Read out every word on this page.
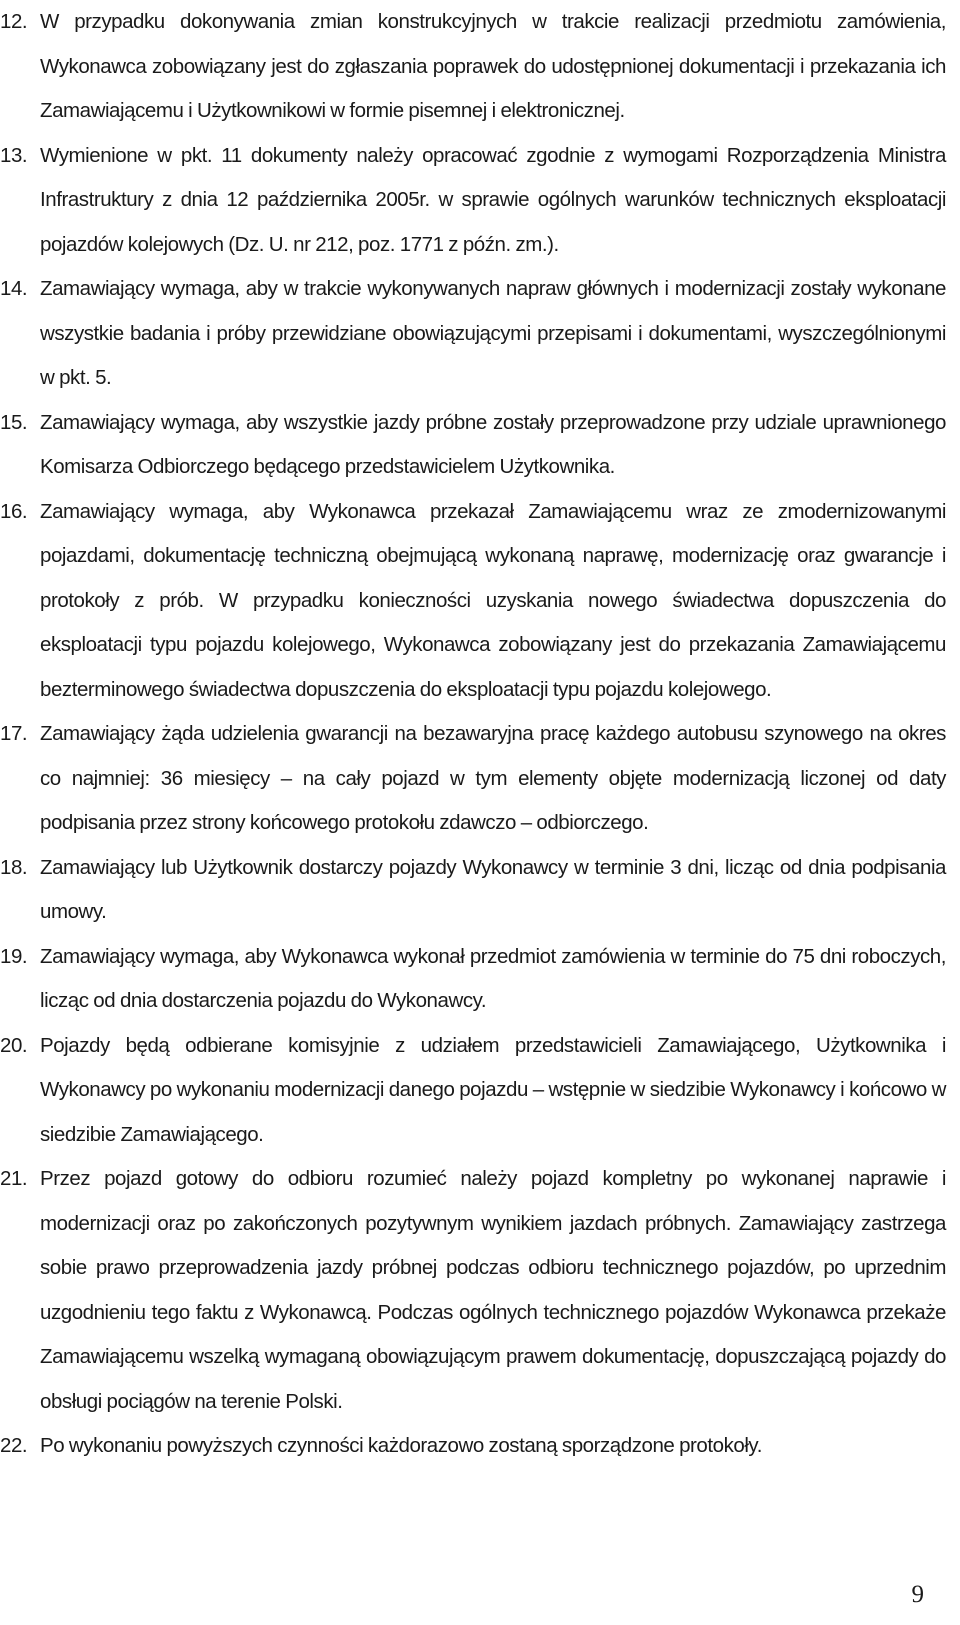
12. W przypadku dokonywania zmian konstrukcyjnych w trakcie realizacji przedmiotu zamówienia, Wykonawca zobowiązany jest do zgłaszania poprawek do udostępnionej dokumentacji i przekazania ich Zamawiającemu i Użytkownikowi w formie pisemnej i elektronicznej.
13. Wymienione w pkt. 11 dokumenty należy opracować zgodnie z wymogami Rozporządzenia Ministra Infrastruktury z dnia 12 października 2005r. w sprawie ogólnych warunków technicznych eksploatacji pojazdów kolejowych (Dz. U. nr 212, poz. 1771 z późn. zm.).
14. Zamawiający wymaga, aby w trakcie wykonywanych napraw głównych i modernizacji zostały wykonane wszystkie badania i próby przewidziane obowiązującymi przepisami i dokumentami, wyszczególnionymi w pkt. 5.
15. Zamawiający wymaga, aby wszystkie jazdy próbne zostały przeprowadzone przy udziale uprawnionego Komisarza Odbiorczego będącego przedstawicielem Użytkownika.
16. Zamawiający wymaga, aby Wykonawca przekazał Zamawiającemu wraz ze zmodernizowanymi pojazdami, dokumentację techniczną obejmującą wykonaną naprawę, modernizację oraz gwarancje i protokoły z prób. W przypadku konieczności uzyskania nowego świadectwa dopuszczenia do eksploatacji typu pojazdu kolejowego, Wykonawca zobowiązany jest do przekazania Zamawiającemu bezterminowego świadectwa dopuszczenia do eksploatacji typu pojazdu kolejowego.
17. Zamawiający żąda udzielenia gwarancji na bezawaryjna pracę każdego autobusu szynowego na okres co najmniej: 36 miesięcy – na cały pojazd w tym elementy objęte modernizacją liczonej od daty podpisania przez strony końcowego protokołu zdawczo – odbiorczego.
18. Zamawiający lub Użytkownik dostarczy pojazdy Wykonawcy w terminie 3 dni, licząc od dnia podpisania umowy.
19. Zamawiający wymaga, aby Wykonawca wykonał przedmiot zamówienia w terminie do 75 dni roboczych, licząc od dnia dostarczenia pojazdu do Wykonawcy.
20. Pojazdy będą odbierane komisyjnie z udziałem przedstawicieli Zamawiającego, Użytkownika i Wykonawcy po wykonaniu modernizacji danego pojazdu – wstępnie w siedzibie Wykonawcy i końcowo w siedzibie Zamawiającego.
21. Przez pojazd gotowy do odbioru rozumieć należy pojazd kompletny po wykonanej naprawie i modernizacji oraz po zakończonych pozytywnym wynikiem jazdach próbnych. Zamawiający zastrzega sobie prawo przeprowadzenia jazdy próbnej podczas odbioru technicznego pojazdów, po uprzednim uzgodnieniu tego faktu z Wykonawcą. Podczas ogólnych technicznego pojazdów Wykonawca przekaże Zamawiającemu wszelką wymaganą obowiązującym prawem dokumentację, dopuszczającą pojazdy do obsługi pociągów na terenie Polski.
22. Po wykonaniu powyższych czynności każdorazowo zostaną sporządzone protokoły.
9
